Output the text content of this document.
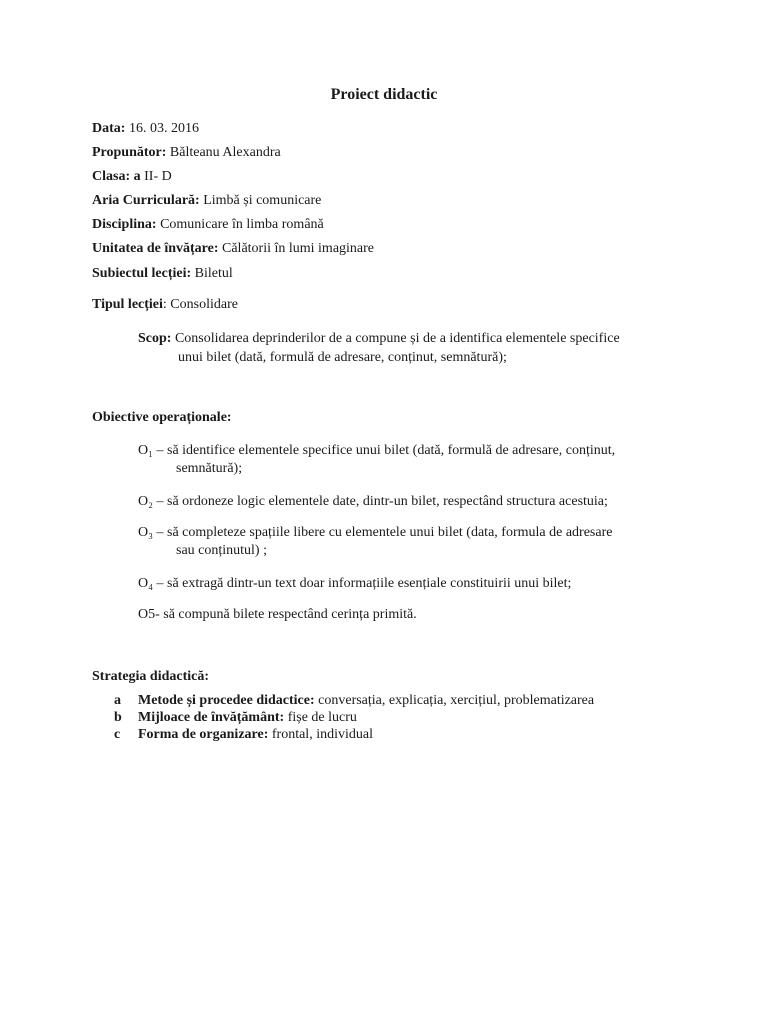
Proiect didactic
Data: 16. 03. 2016
Propunător: Bălteanu Alexandra
Clasa: a II- D
Aria Curriculară: Limbă și comunicare
Disciplina: Comunicare în limba română
Unitatea de învățare: Călătorii în lumi imaginare
Subiectul lecției: Biletul
Tipul lecției: Consolidare
Scop: Consolidarea deprinderilor de a compune și de a identifica elementele specifice
unui bilet (dată, formulă de adresare, conținut, semnătură);
Obiective operaționale:
O₁ – să identifice elementele specifice unui bilet (dată, formulă de adresare, conținut,
semnătură);
O₂ – să ordoneze logic elementele date, dintr-un bilet, respectând structura acestuia;
O₃ – să completeze spațiile libere cu elementele unui bilet (data, formula de adresare
sau conținutul) ;
O₄ – să extragă dintr-un text doar informațiile esențiale constituirii unui bilet;
O5- să compună bilete respectând cerința primită.
Strategia didactică:
a Metode și procedee didactice: conversația, explicația, xercițiul, problematizarea
b Mijloace de învățământ: fișe de lucru
c Forma de organizare: frontal, individual
